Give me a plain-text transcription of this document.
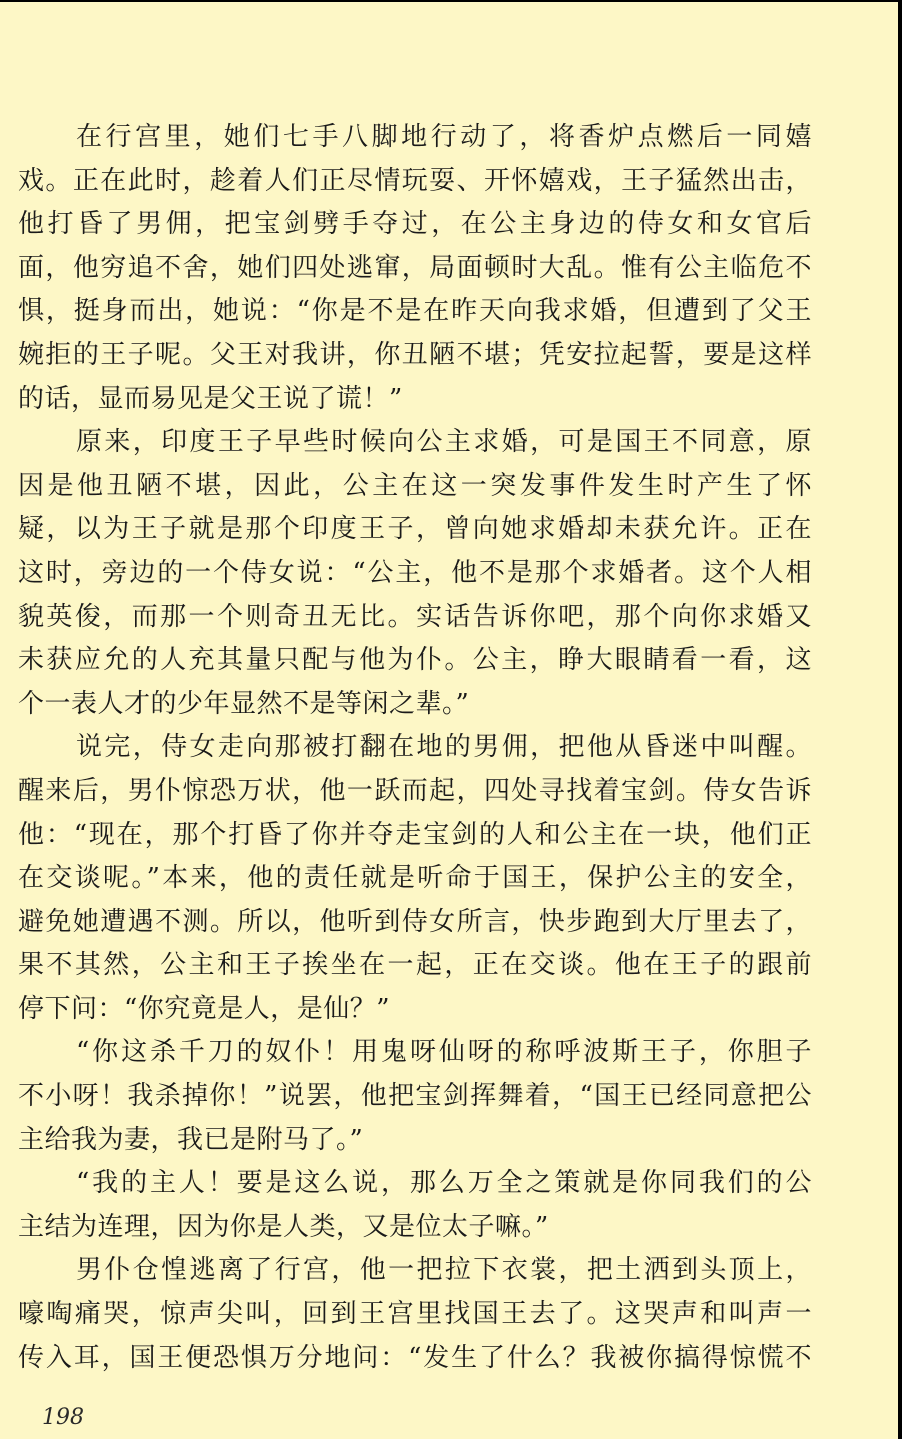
在行宫里，她们七手八脚地行动了，将香炉点燃后一同嬉
戏。正在此时，趁着人们正尽情玩耍、开怀嬉戏，王子猛然出击，
他打昏了男佣，把宝剑劈手夺过，在公主身边的侍女和女官后
面，他穷追不舍，她们四处逃窜，局面顿时大乱。惟有公主临危不
惧，挺身而出，她说：“你是不是在昨天向我求婚，但遭到了父王
婉拒的王子呢。父王对我讲，你丑陋不堪；凭安拉起誓，要是这样
的话，显而易见是父王说了谎！”
原来，印度王子早些时候向公主求婚，可是国王不同意，原
因是他丑陋不堪，因此，公主在这一突发事件发生时产生了怀
疑，以为王子就是那个印度王子，曾向她求婚却未获允许。正在
这时，旁边的一个侍女说：“公主，他不是那个求婚者。这个人相
貌英俊，而那一个则奇丑无比。实话告诉你吧，那个向你求婚又
未获应允的人充其量只配与他为仆。公主，睁大眼睛看一看，这
个一表人才的少年显然不是等闲之辈。”
说完，侍女走向那被打翻在地的男佣，把他从昏迷中叫醒。
醒来后，男仆惊恐万状，他一跃而起，四处寻找着宝剑。侍女告诉
他：“现在，那个打昏了你并夺走宝剑的人和公主在一块，他们正
在交谈呢。”本来，他的责任就是听命于国王，保护公主的安全，
避免她遭遇不测。所以，他听到侍女所言，快步跑到大厅里去了，
果不其然，公主和王子挨坐在一起，正在交谈。他在王子的跟前
停下问：“你究竟是人，是仙？”
“你这杀千刀的奴仆！用鬼呀仙呀的称呼波斯王子，你胆子
不小呀！我杀掉你！”说罢，他把宝剑挥舞着，“国王已经同意把公
主给我为妻，我已是附马了。”
“我的主人！要是这么说，那么万全之策就是你同我们的公
主结为连理，因为你是人类，又是位太子嘛。”
男仆仓惶逃离了行宫，他一把拉下衣裳，把土洒到头顶上，
嚎啕痛哭，惊声尖叫，回到王宫里找国王去了。这哭声和叫声一
传入耳，国王便恐惧万分地问：“发生了什么？我被你搞得惊慌不
198
